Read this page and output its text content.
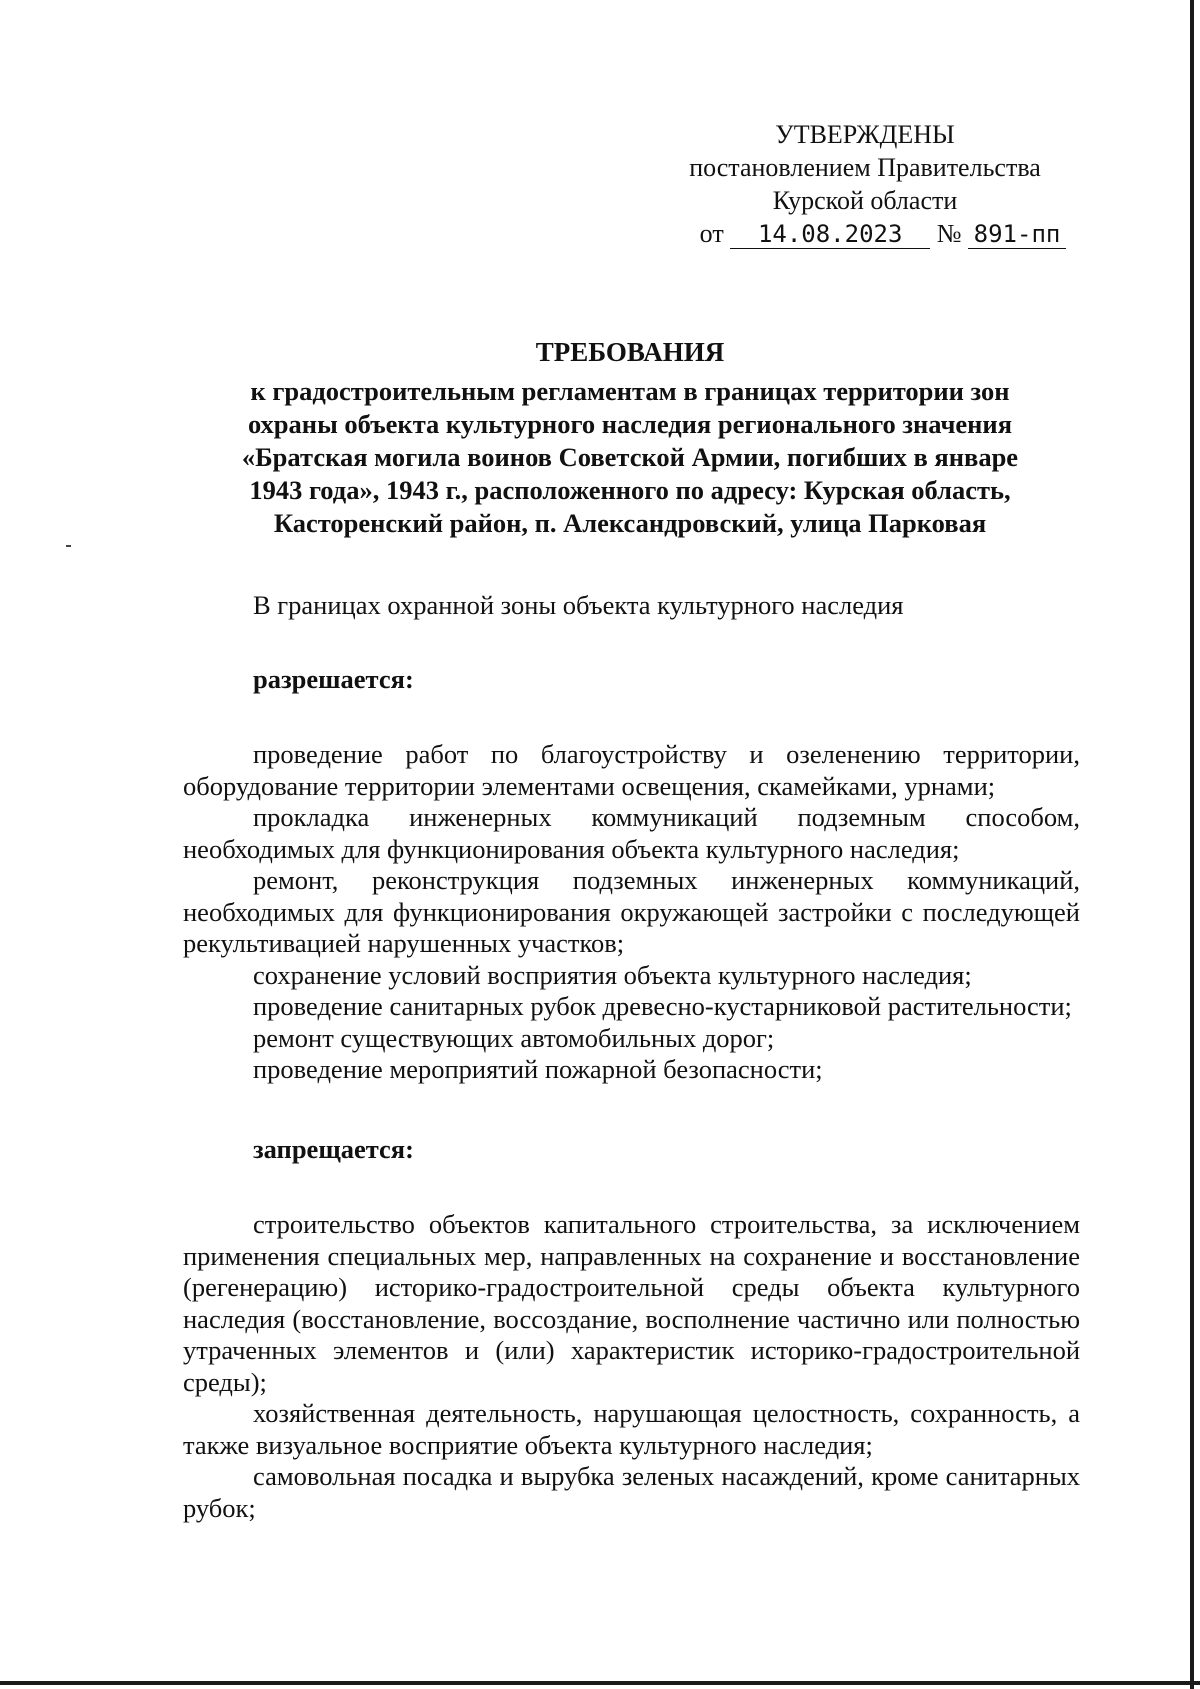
УТВЕРЖДЕНЫ
постановлением Правительства
Курской области
от 14.08.2023 № 891-пп
ТРЕБОВАНИЯ
к градостроительным регламентам в границах территории зон
охраны объекта культурного наследия регионального значения
«Братская могила воинов Советской Армии, погибших в январе
1943 года», 1943 г., расположенного по адресу: Курская область,
Касторенский район, п. Александровский, улица Парковая

В границах охранной зоны объекта культурного наследия

разрешается:

проведение работ по благоустройству и озеленению территории, оборудование территории элементами освещения, скамейками, урнами;

прокладка инженерных коммуникаций подземным способом, необходимых для функционирования объекта культурного наследия;

ремонт, реконструкция подземных инженерных коммуникаций, необходимых для функционирования окружающей застройки с последующей рекультивацией нарушенных участков;

сохранение условий восприятия объекта культурного наследия;

проведение санитарных рубок древесно-кустарниковой растительности;

ремонт существующих автомобильных дорог;

проведение мероприятий пожарной безопасности;

запрещается:

строительство объектов капитального строительства, за исключением применения специальных мер, направленных на сохранение и восстановление (регенерацию) историко-градостроительной среды объекта культурного наследия (восстановление, воссоздание, восполнение частично или полностью утраченных элементов и (или) характеристик историко-градостроительной среды);

хозяйственная деятельность, нарушающая целостность, сохранность, а также визуальное восприятие объекта культурного наследия;

самовольная посадка и вырубка зеленых насаждений, кроме санитарных рубок;
